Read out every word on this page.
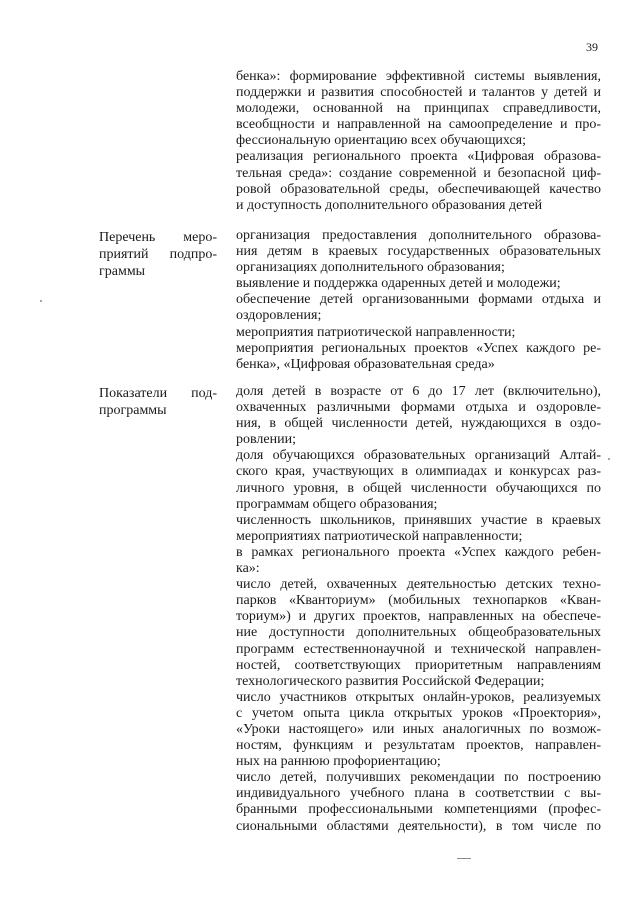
39
бенка»: формирование эффективной системы выявления,
поддержки и развития способностей и талантов у детей и
молодежи, основанной на принципах справедливости,
всеобщности и направленной на самоопределение и про-
фессиональную ориентацию всех обучающихся;
реализация регионального проекта «Цифровая образова-
тельная среда»: создание современной и безопасной циф-
ровой образовательной среды, обеспечивающей качество
и доступность дополнительного образования детей
Перечень меро-
приятий подпро-
граммы
организация предоставления дополнительного образова-
ния детям в краевых государственных образовательных
организациях дополнительного образования;
выявление и поддержка одаренных детей и молодежи;
обеспечение детей организованными формами отдыха и
оздоровления;
мероприятия патриотической направленности;
мероприятия региональных проектов «Успех каждого ре-
бенка», «Цифровая образовательная среда»
Показатели под-
программы
доля детей в возрасте от 6 до 17 лет (включительно),
охваченных различными формами отдыха и оздоровле-
ния, в общей численности детей, нуждающихся в оздо-
ровлении;
доля обучающихся образовательных организаций Алтай-
ского края, участвующих в олимпиадах и конкурсах раз-
личного уровня, в общей численности обучающихся по
программам общего образования;
численность школьников, принявших участие в краевых
мероприятиях патриотической направленности;
в рамках регионального проекта «Успех каждого ребен-
ка»:
число детей, охваченных деятельностью детских техно-
парков «Кванториум» (мобильных технопарков «Кван-
ториум») и других проектов, направленных на обеспече-
ние доступности дополнительных общеобразовательных
программ естественнонаучной и технической направлен-
ностей, соответствующих приоритетным направлениям
технологического развития Российской Федерации;
число участников открытых онлайн-уроков, реализуемых
с учетом опыта цикла открытых уроков «Проектория»,
«Уроки настоящего» или иных аналогичных по возмож-
ностям, функциям и результатам проектов, направлен-
ных на раннюю профориентацию;
число детей, получивших рекомендации по построению
индивидуального учебного плана в соответствии с вы-
бранными профессиональными компетенциями (профес-
сиональными областями деятельности), в том числе по
